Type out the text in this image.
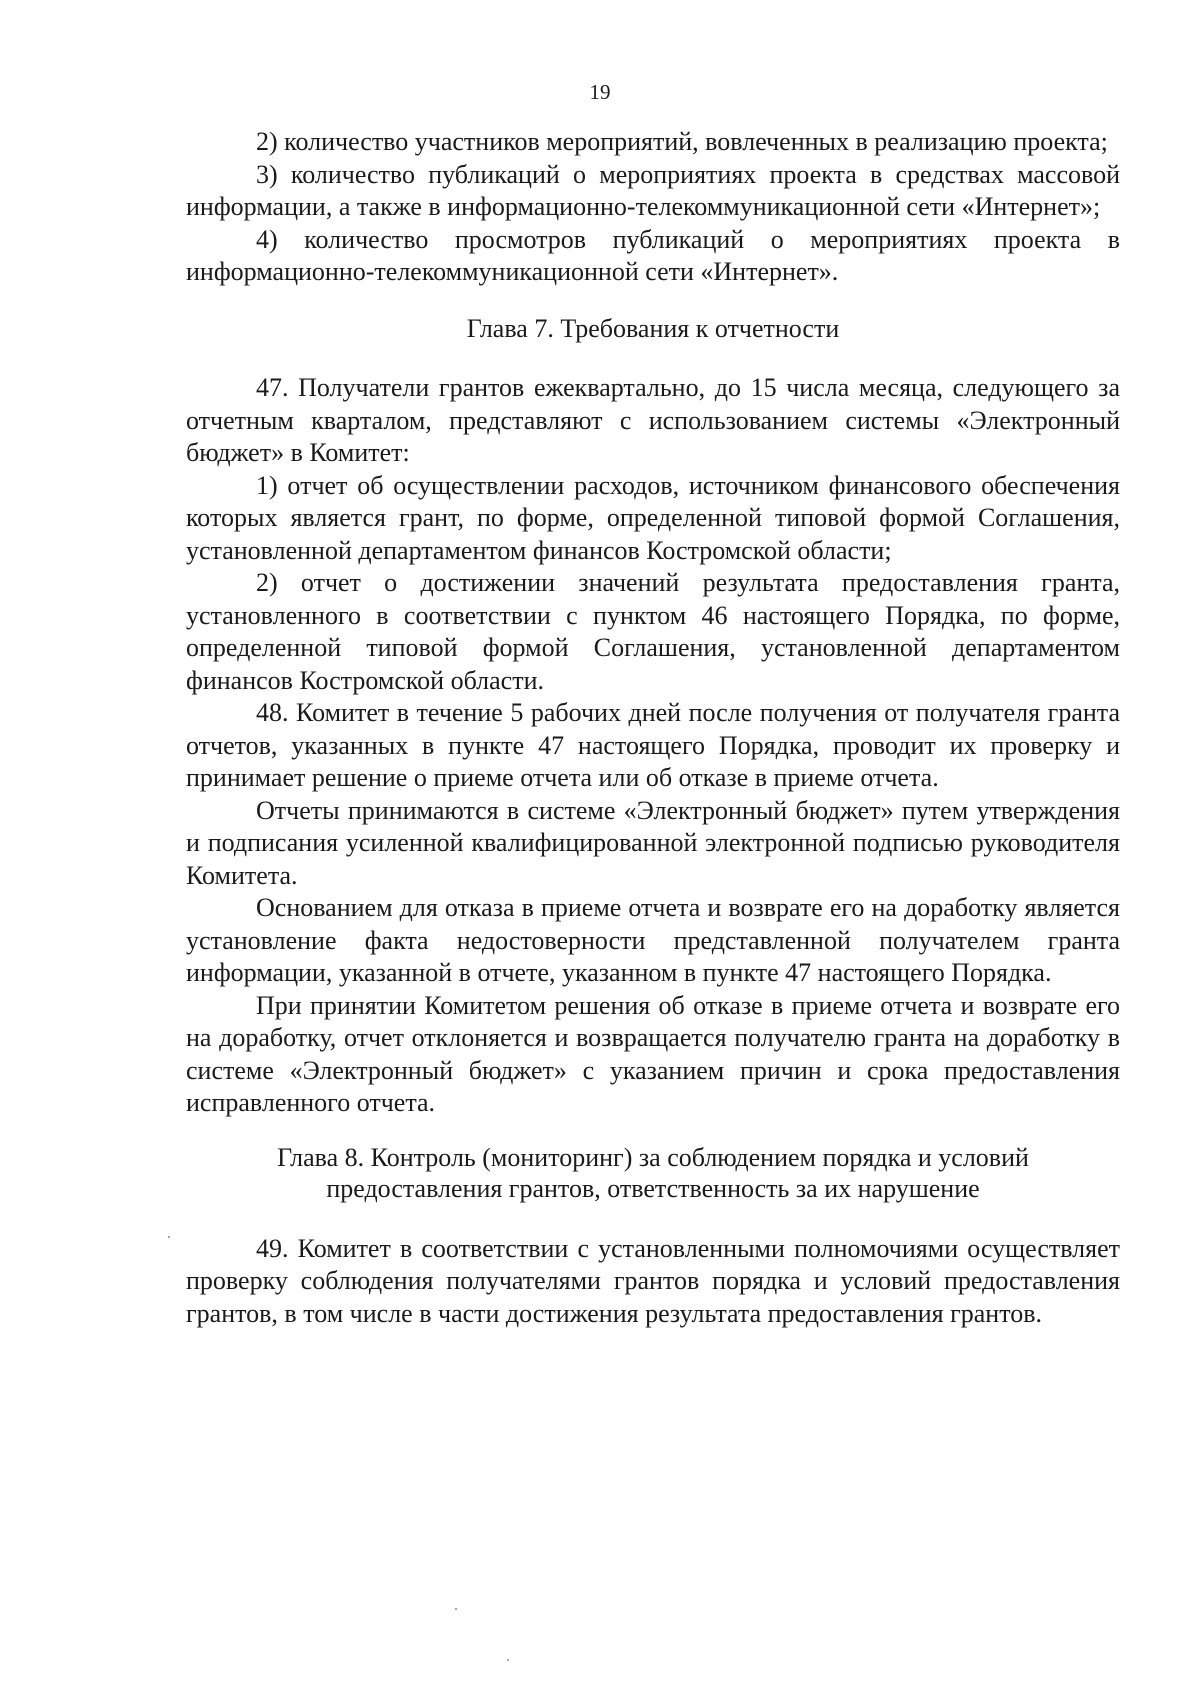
19

2) количество участников мероприятий, вовлеченных в реализацию проекта;

3) количество публикаций о мероприятиях проекта в средствах массовой информации, а также в информационно-телекоммуникационной сети «Интернет»;

4) количество просмотров публикаций о мероприятиях проекта в информационно-телекоммуникационной сети «Интернет».

Глава 7. Требования к отчетности

47. Получатели грантов ежеквартально, до 15 числа месяца, следующего за отчетным кварталом, представляют с использованием системы «Электронный бюджет» в Комитет:

1) отчет об осуществлении расходов, источником финансового обеспечения которых является грант, по форме, определенной типовой формой Соглашения, установленной департаментом финансов Костромской области;

2) отчет о достижении значений результата предоставления гранта, установленного в соответствии с пунктом 46 настоящего Порядка, по форме, определенной типовой формой Соглашения, установленной департаментом финансов Костромской области.

48. Комитет в течение 5 рабочих дней после получения от получателя гранта отчетов, указанных в пункте 47 настоящего Порядка, проводит их проверку и принимает решение о приеме отчета или об отказе в приеме отчета.

Отчеты принимаются в системе «Электронный бюджет» путем утверждения и подписания усиленной квалифицированной электронной подписью руководителя Комитета.

Основанием для отказа в приеме отчета и возврате его на доработку является установление факта недостоверности представленной получателем гранта информации, указанной в отчете, указанном в пункте 47 настоящего Порядка.

При принятии Комитетом решения об отказе в приеме отчета и возврате его на доработку, отчет отклоняется и возвращается получателю гранта на доработку в системе «Электронный бюджет» с указанием причин и срока предоставления исправленного отчета.

Глава 8. Контроль (мониторинг) за соблюдением порядка и условий
предоставления грантов, ответственность за их нарушение

49. Комитет в соответствии с установленными полномочиями осуществляет проверку соблюдения получателями грантов порядка и условий предоставления грантов, в том числе в части достижения результата предоставления грантов.
